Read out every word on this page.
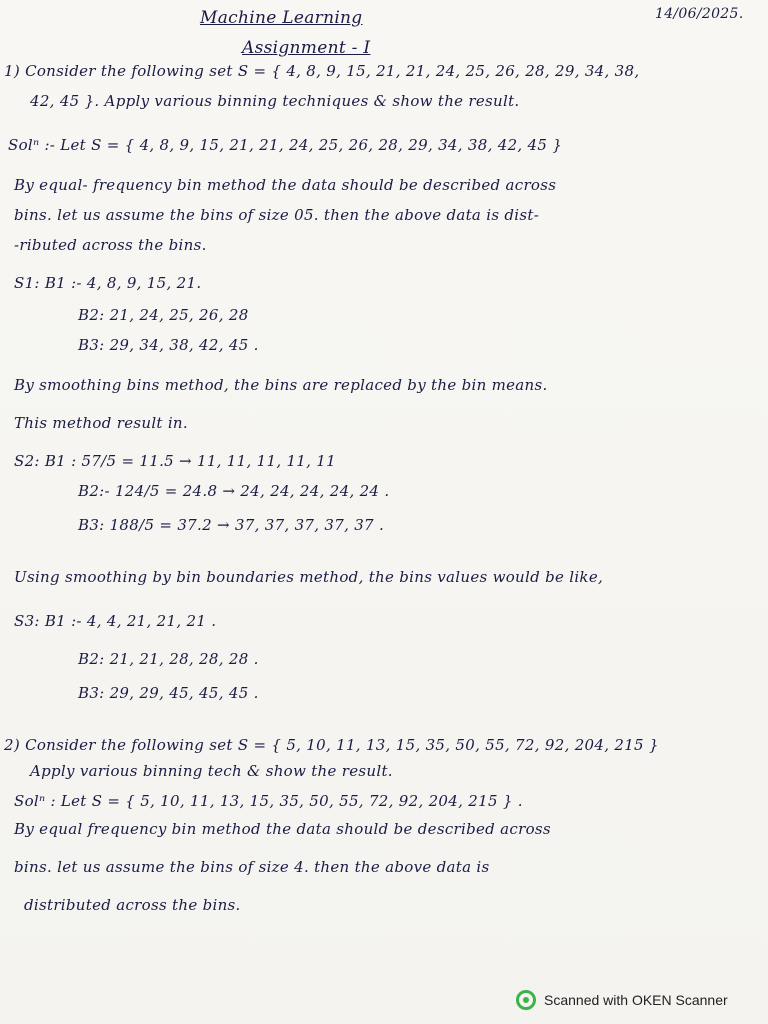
Machine Learning
Assignment - I
14/06/2025.
1) Consider the following set S = { 4, 8, 9, 15, 21, 21, 24, 25, 26, 28, 29, 34, 38,
42, 45 }. Apply various binning techniques & show the result.
Solⁿ :- Let S = { 4, 8, 9, 15, 21, 21, 24, 25, 26, 28, 29, 34, 38, 42, 45 }
By equal- frequency bin method the data should be described across
bins. let us assume the bins of size 05. then the above data is dist-
-ributed across the bins.
S1: B1 :- 4, 8, 9, 15, 21.
B2: 21, 24, 25, 26, 28
B3: 29, 34, 38, 42, 45 .
By smoothing bins method, the bins are replaced by the bin means.
This method result in.
S2: B1 : 57/5 = 11.5 → 11, 11, 11, 11, 11
B2:- 124/5 = 24.8 → 24, 24, 24, 24, 24 .
B3: 188/5 = 37.2 → 37, 37, 37, 37, 37 .
Using smoothing by bin boundaries method, the bins values would be like,
S3: B1 :- 4, 4, 21, 21, 21 .
B2: 21, 21, 28, 28, 28 .
B3: 29, 29, 45, 45, 45 .
2) Consider the following set S = { 5, 10, 11, 13, 15, 35, 50, 55, 72, 92, 204, 215 }
Apply various binning tech & show the result.
Solⁿ : Let S = { 5, 10, 11, 13, 15, 35, 50, 55, 72, 92, 204, 215 } .
By equal frequency bin method the data should be described across
bins. let us assume the bins of size 4. then the above data is
distributed across the bins.
Scanned with OKEN Scanner
